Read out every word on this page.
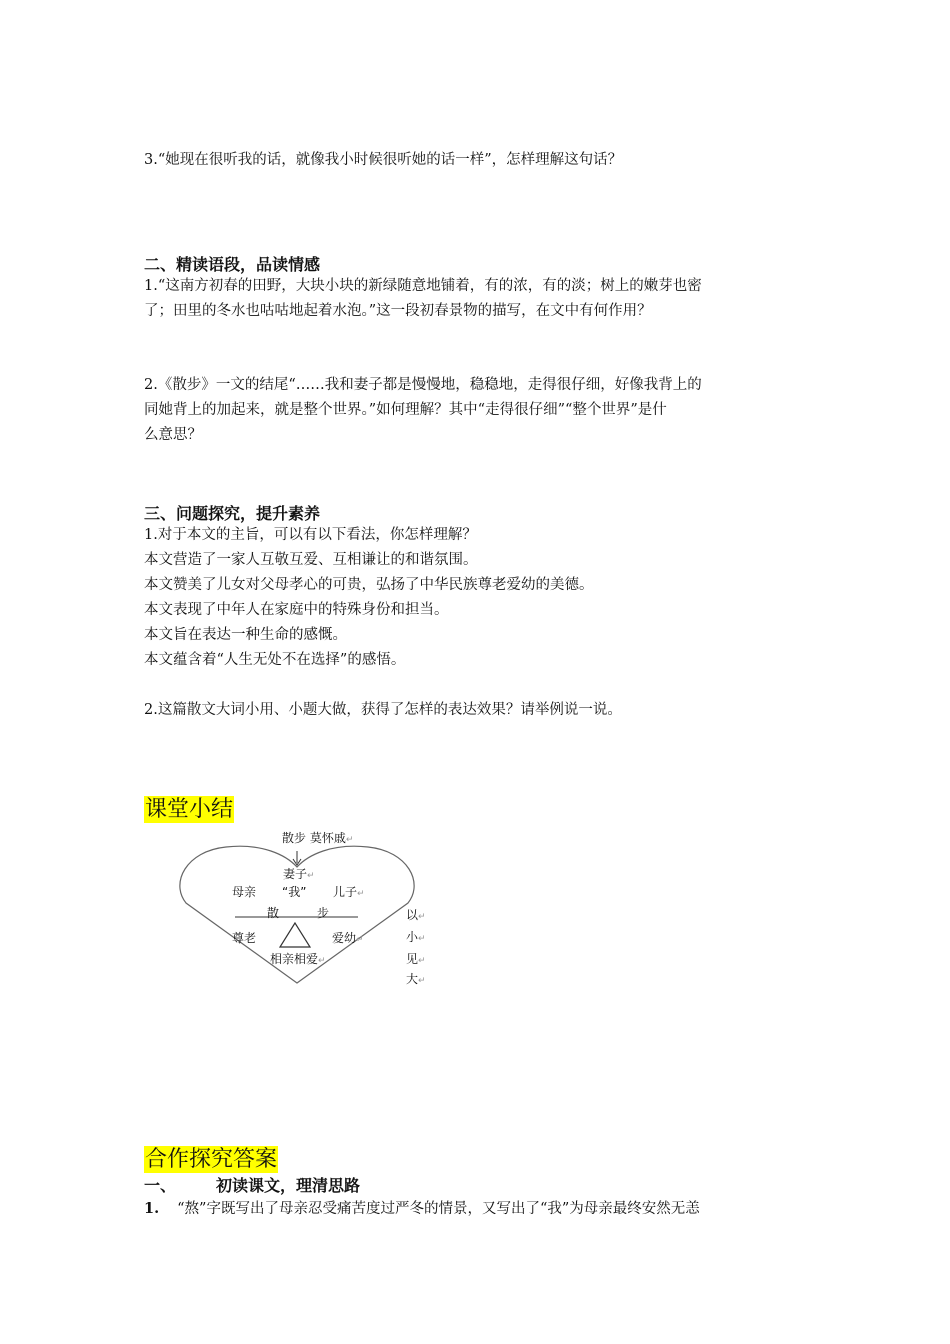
3.“她现在很听我的话，就像我小时候很听她的话一样”，怎样理解这句话？
二、精读语段，品读情感
1.“这南方初春的田野，大块小块的新绿随意地铺着，有的浓，有的淡；树上的嫩芽也密
了；田里的冬水也咕咕地起着水泡。”这一段初春景物的描写，在文中有何作用？
2.《散步》一文的结尾“……我和妻子都是慢慢地，稳稳地，走得很仔细，好像我背上的
同她背上的加起来，就是整个世界。”如何理解？其中“走得很仔细”“整个世界”是什
么意思？
三、问题探究，提升素养
1.对于本文的主旨，可以有以下看法，你怎样理解？
本文营造了一家人互敬互爱、互相谦让的和谐氛围。
本文赞美了儿女对父母孝心的可贵，弘扬了中华民族尊老爱幼的美德。
本文表现了中年人在家庭中的特殊身份和担当。
本文旨在表达一种生命的感慨。
本文蕴含着“人生无处不在选择”的感悟。
2.这篇散文大词小用、小题大做，获得了怎样的表达效果？请举例说一说。
课堂小结
散步 莫怀戚↵
妻子↵
母亲 “我” 儿子↵
散	步
尊老	爱幼↵
相亲相爱↵
以↵
小↵
见↵
大↵
合作探究答案
一、	初读课文，理清思路
1. “熬”字既写出了母亲忍受痛苦度过严冬的情景，又写出了“我”为母亲最终安然无恙
